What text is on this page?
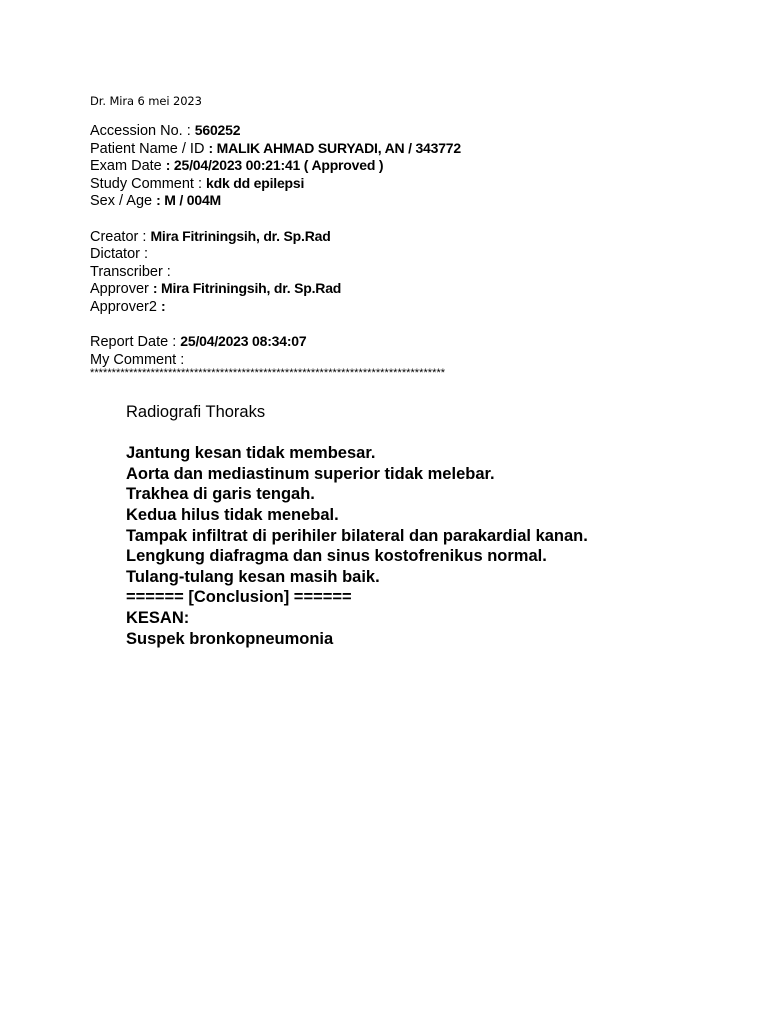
Dr. Mira 6 mei 2023
Accession No. : 560252
Patient Name / ID : MALIK AHMAD SURYADI, AN / 343772
Exam Date : 25/04/2023 00:21:41 ( Approved )
Study Comment : kdk dd epilepsi
Sex / Age : M / 004M
Creator : Mira Fitriningsih, dr. Sp.Rad
Dictator :
Transcriber :
Approver : Mira Fitriningsih, dr. Sp.Rad
Approver2 :
Report Date : 25/04/2023 08:34:07
My Comment :
**********************************************************************************
Radiografi Thoraks
Jantung kesan tidak membesar.
Aorta dan mediastinum superior tidak melebar.
Trakhea di garis tengah.
Kedua hilus tidak menebal.
Tampak infiltrat di perihiler bilateral dan parakardial kanan.
Lengkung diafragma dan sinus kostofrenikus normal.
Tulang-tulang kesan masih baik.
====== [Conclusion] ======
KESAN:
Suspek bronkopneumonia
